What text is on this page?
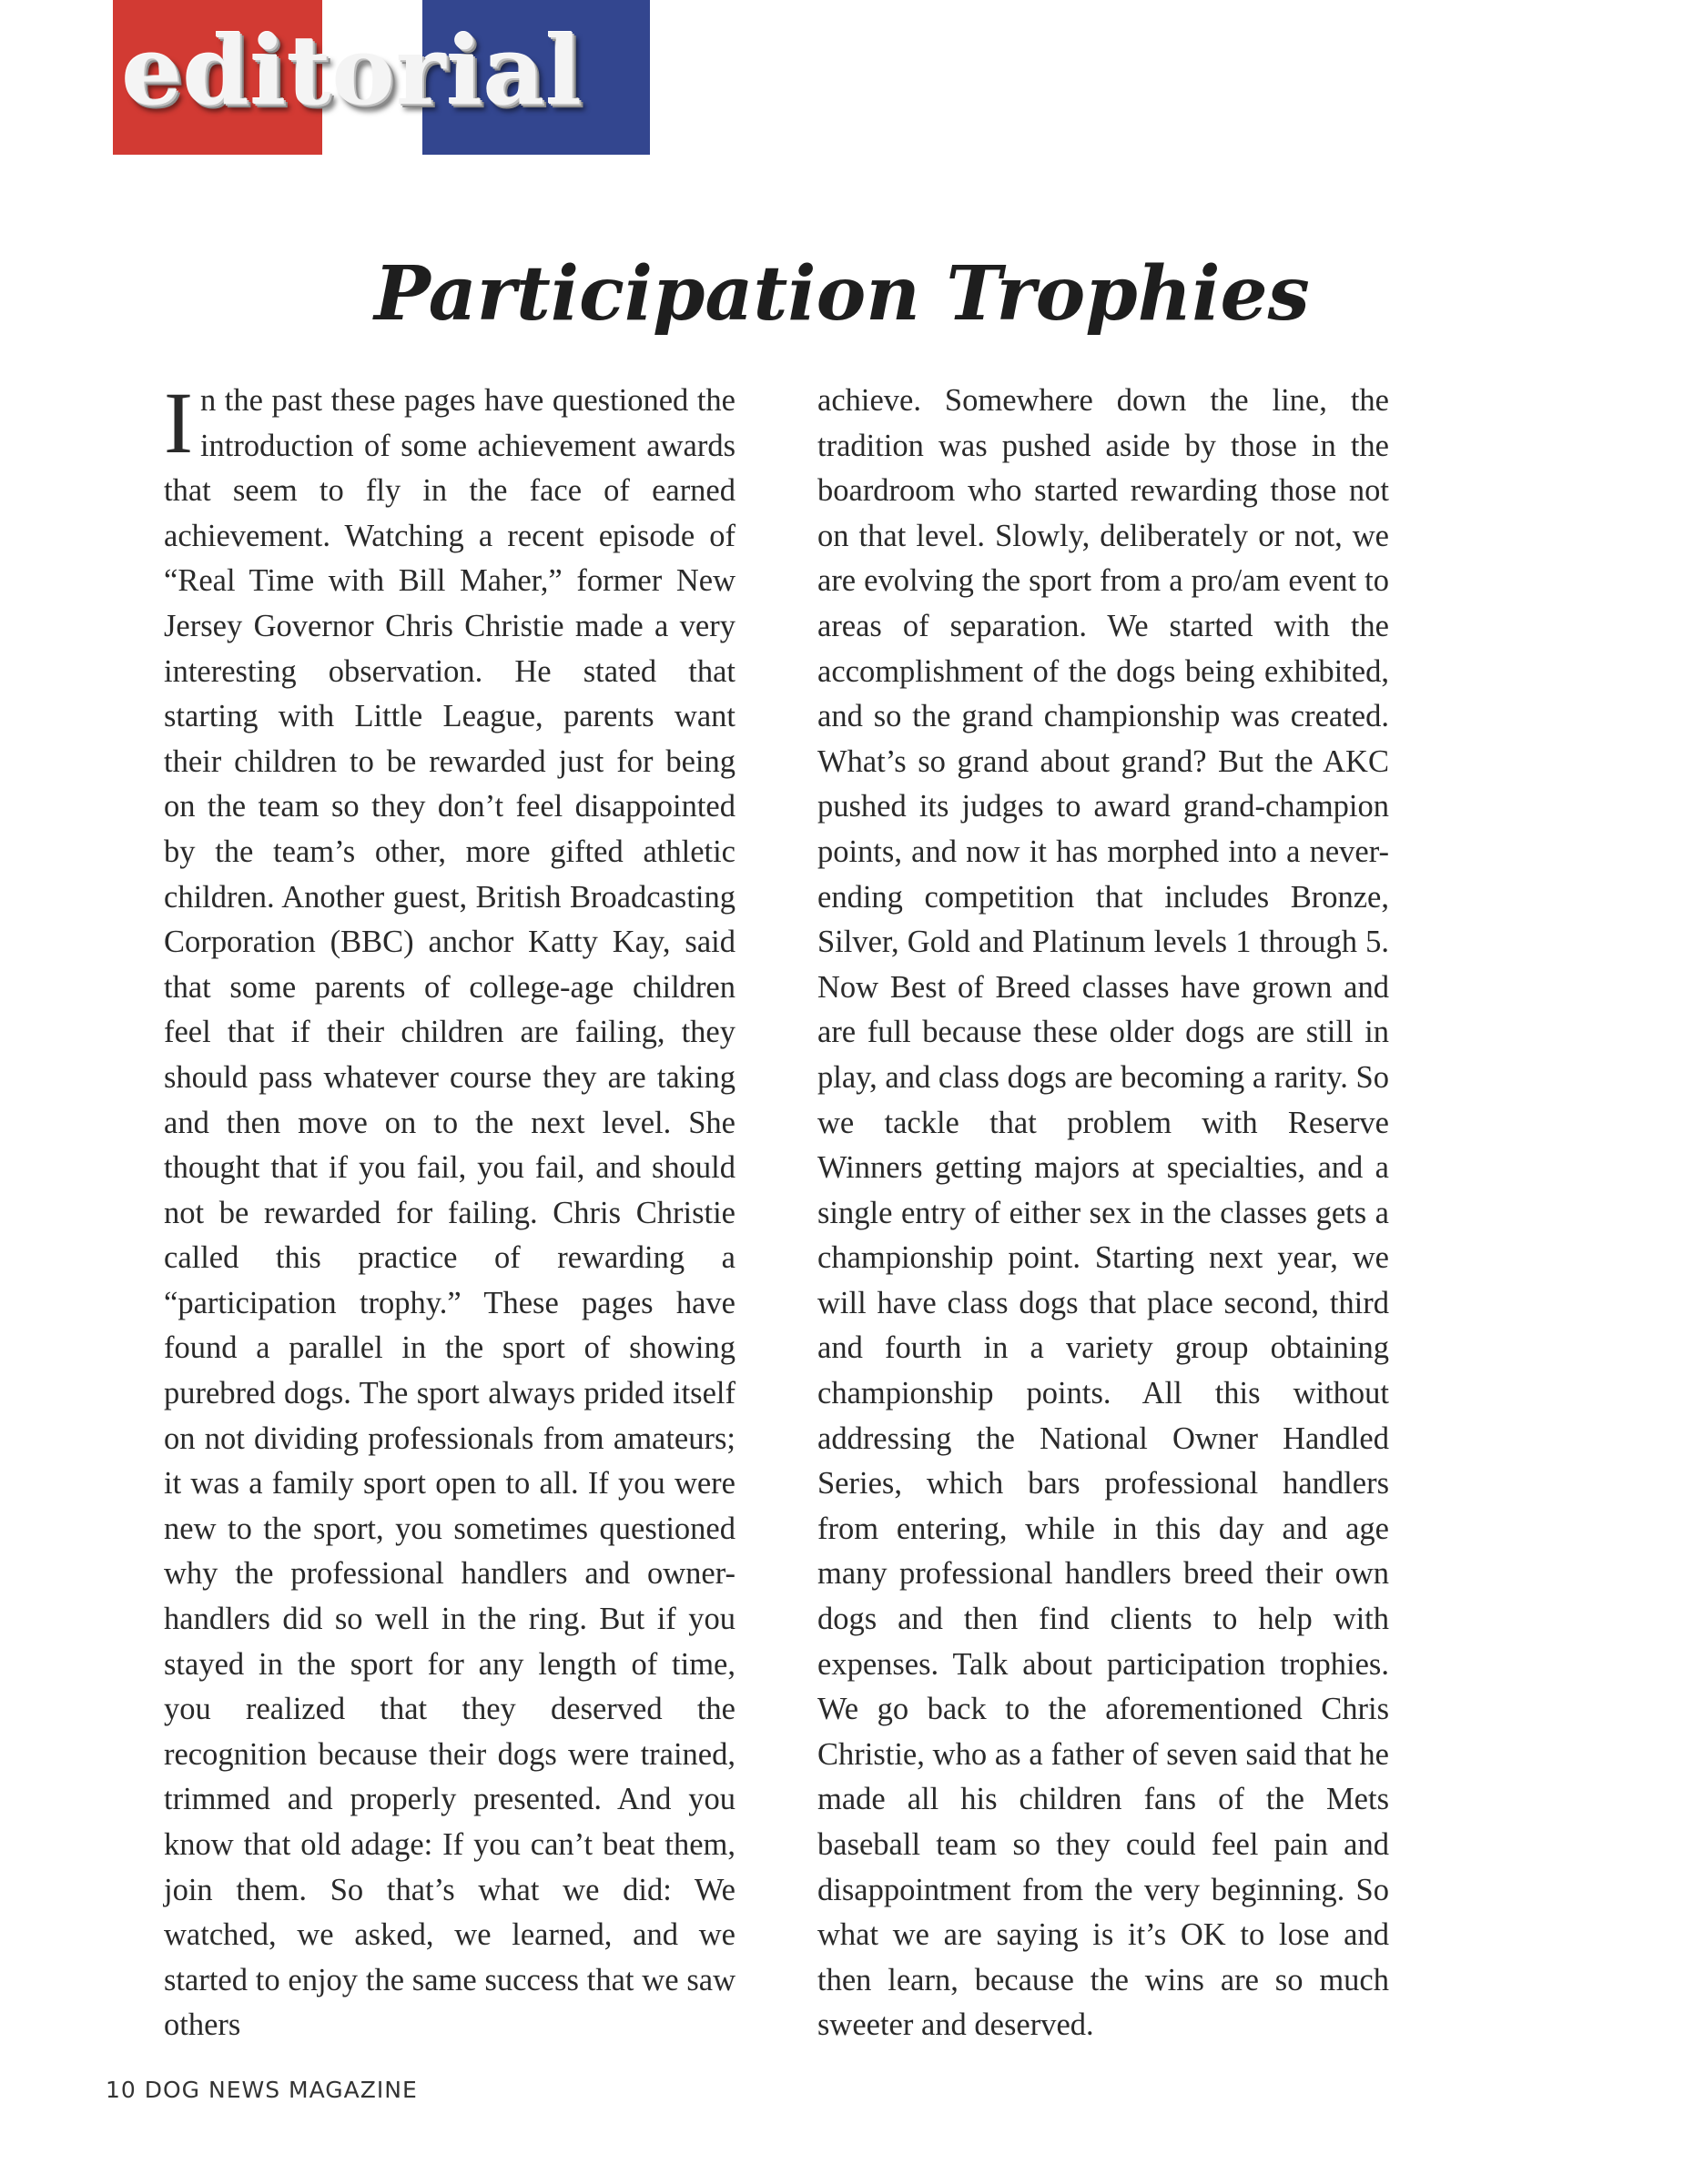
editorial
Participation Trophies

In the past these pages have questioned the introduction of some achievement awards that seem to fly in the face of earned achievement. Watching a recent episode of “Real Time with Bill Maher,” former New Jersey Governor Chris Christie made a very interesting observation. He stated that starting with Little League, parents want their children to be rewarded just for being on the team so they don’t feel disappointed by the team’s other, more gifted athletic children. Another guest, British Broadcasting Corporation (BBC) anchor Katty Kay, said that some parents of college-age children feel that if their children are failing, they should pass whatever course they are taking and then move on to the next level. She thought that if you fail, you fail, and should not be rewarded for failing. Chris Christie called this practice of rewarding a “participation trophy.” These pages have found a parallel in the sport of showing purebred dogs. The sport always prided itself on not dividing professionals from amateurs; it was a family sport open to all. If you were new to the sport, you sometimes questioned why the professional handlers and owner-handlers did so well in the ring. But if you stayed in the sport for any length of time, you realized that they deserved the recognition because their dogs were trained, trimmed and properly presented. And you know that old adage: If you can’t beat them, join them. So that’s what we did: We watched, we asked, we learned, and we started to enjoy the same success that we saw others

achieve. Somewhere down the line, the tradition was pushed aside by those in the boardroom who started rewarding those not on that level. Slowly, deliberately or not, we are evolving the sport from a pro/am event to areas of separation. We started with the accomplishment of the dogs being exhibited, and so the grand championship was created. What’s so grand about grand? But the AKC pushed its judges to award grand-champion points, and now it has morphed into a never-ending competition that includes Bronze, Silver, Gold and Platinum levels 1 through 5. Now Best of Breed classes have grown and are full because these older dogs are still in play, and class dogs are becoming a rarity. So we tackle that problem with Reserve Winners getting majors at specialties, and a single entry of either sex in the classes gets a championship point. Starting next year, we will have class dogs that place second, third and fourth in a variety group obtaining championship points. All this without addressing the National Owner Handled Series, which bars professional handlers from entering, while in this day and age many professional handlers breed their own dogs and then find clients to help with expenses. Talk about participation trophies. We go back to the aforementioned Chris Christie, who as a father of seven said that he made all his children fans of the Mets baseball team so they could feel pain and disappointment from the very beginning. So what we are saying is it’s OK to lose and then learn, because the wins are so much sweeter and deserved.

10 DOG NEWS MAGAZINE
